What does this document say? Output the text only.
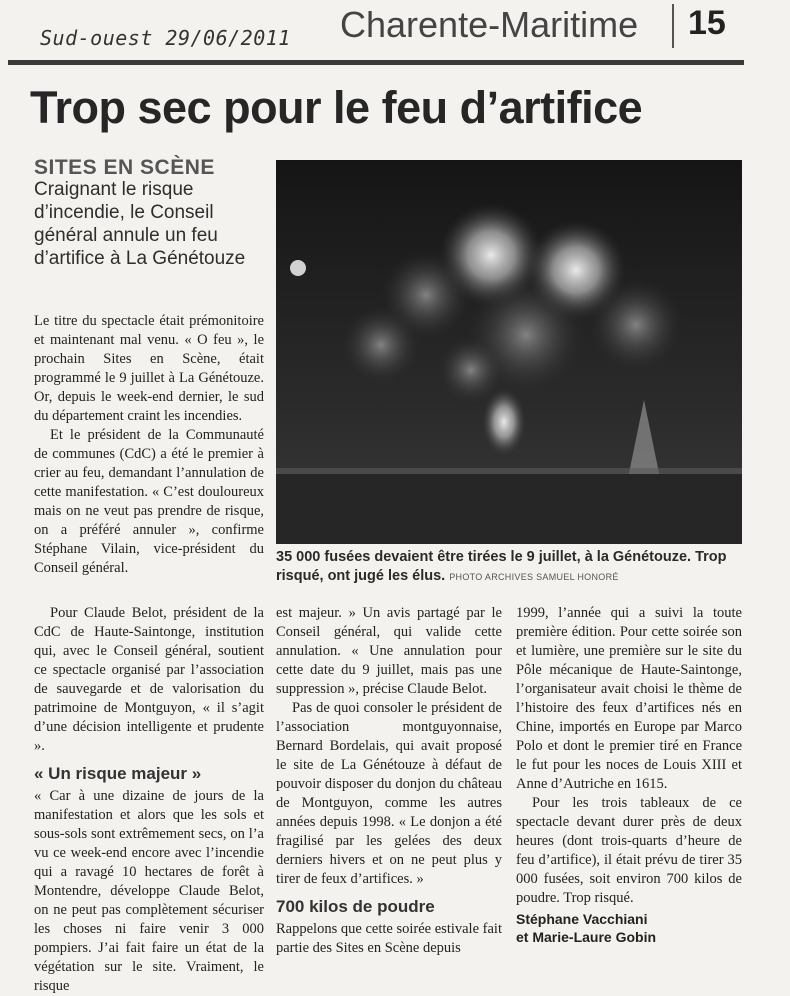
Sud-ouest 29/06/2011 Charente-Maritime 15
Trop sec pour le feu d’artifice
SITES EN SCÈNE

Craignant le risque d’incendie, le Conseil général annule un feu d’artifice à La Génétouze

Le titre du spectacle était prémonitoire et maintenant mal venu. « O feu », le prochain Sites en Scène, était programmé le 9 juillet à La Génétouze. Or, depuis le week-end dernier, le sud du département craint les incendies.

Et le président de la Communauté de communes (CdC) a été le premier à crier au feu, demandant l’annulation de cette manifestation. « C’est douloureux mais on ne veut pas prendre de risque, on a préféré annuler », confirme Stéphane Vilain, vice-président du Conseil général.

35 000 fusées devaient être tirées le 9 juillet, à la Génétouze. Trop risqué, ont jugé les élus. PHOTO ARCHIVES SAMUEL HONORÉ

Pour Claude Belot, président de la CdC de Haute-Saintonge, institution qui, avec le Conseil général, soutient ce spectacle organisé par l’association de sauvegarde et de valorisation du patrimoine de Montguyon, « il s’agit d’une décision intelligente et prudente ».

« Un risque majeur »

« Car à une dizaine de jours de la manifestation et alors que les sols et sous-sols sont extrêmement secs, on l’a vu ce week-end encore avec l’incendie qui a ravagé 10 hectares de forêt à Montendre, développe Claude Belot, on ne peut pas complètement sécuriser les choses ni faire venir 3 000 pompiers. J’ai fait faire un état de la végétation sur le site. Vraiment, le risque

est majeur. » Un avis partagé par le Conseil général, qui valide cette annulation. « Une annulation pour cette date du 9 juillet, mais pas une suppression », précise Claude Belot.

Pas de quoi consoler le président de l’association montguyonnaise, Bernard Bordelais, qui avait proposé le site de La Génétouze à défaut de pouvoir disposer du donjon du château de Montguyon, comme les autres années depuis 1998. « Le donjon a été fragilisé par les gelées des deux derniers hivers et on ne peut plus y tirer de feux d’artifices. »

700 kilos de poudre

Rappelons que cette soirée estivale fait partie des Sites en Scène depuis

1999, l’année qui a suivi la toute première édition. Pour cette soirée son et lumière, une première sur le site du Pôle mécanique de Haute-Saintonge, l’organisateur avait choisi le thème de l’histoire des feux d’artifices nés en Chine, importés en Europe par Marco Polo et dont le premier tiré en France le fut pour les noces de Louis XIII et Anne d’Autriche en 1615.

Pour les trois tableaux de ce spectacle devant durer près de deux heures (dont trois-quarts d’heure de feu d’artifice), il était prévu de tirer 35 000 fusées, soit environ 700 kilos de poudre. Trop risqué.

Stéphane Vacchiani

et Marie-Laure Gobin
